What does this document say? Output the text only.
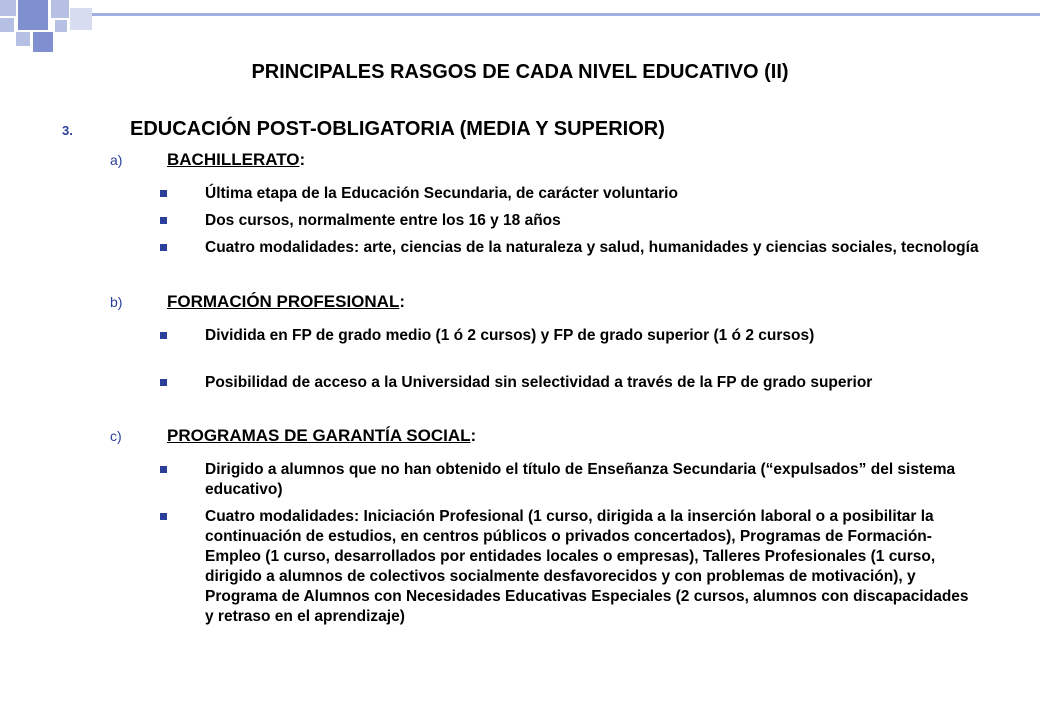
PRINCIPALES RASGOS DE CADA NIVEL EDUCATIVO (II)
3.	EDUCACIÓN POST-OBLIGATORIA (MEDIA Y SUPERIOR)
a)	BACHILLERATO:
Última etapa de la Educación Secundaria, de carácter voluntario
Dos cursos, normalmente entre los 16 y 18 años
Cuatro modalidades: arte, ciencias de la naturaleza y salud, humanidades y ciencias sociales, tecnología
b)	FORMACIÓN PROFESIONAL:
Dividida en FP de grado medio (1 ó 2 cursos) y FP de grado superior (1 ó 2 cursos)
Posibilidad de acceso a la Universidad sin selectividad a través de la FP de grado superior
c)	PROGRAMAS DE GARANTÍA SOCIAL:
Dirigido a alumnos que no han obtenido el título de Enseñanza Secundaria (“expulsados” del sistema educativo)
Cuatro modalidades: Iniciación Profesional (1 curso, dirigida a la inserción laboral o a posibilitar la continuación de estudios, en centros públicos o privados concertados), Programas de Formación-Empleo (1 curso, desarrollados por entidades locales o empresas), Talleres Profesionales (1 curso, dirigido a alumnos de colectivos socialmente desfavorecidos y con problemas de motivación), y Programa de Alumnos con Necesidades Educativas Especiales (2 cursos, alumnos con discapacidades y retraso en el aprendizaje)
